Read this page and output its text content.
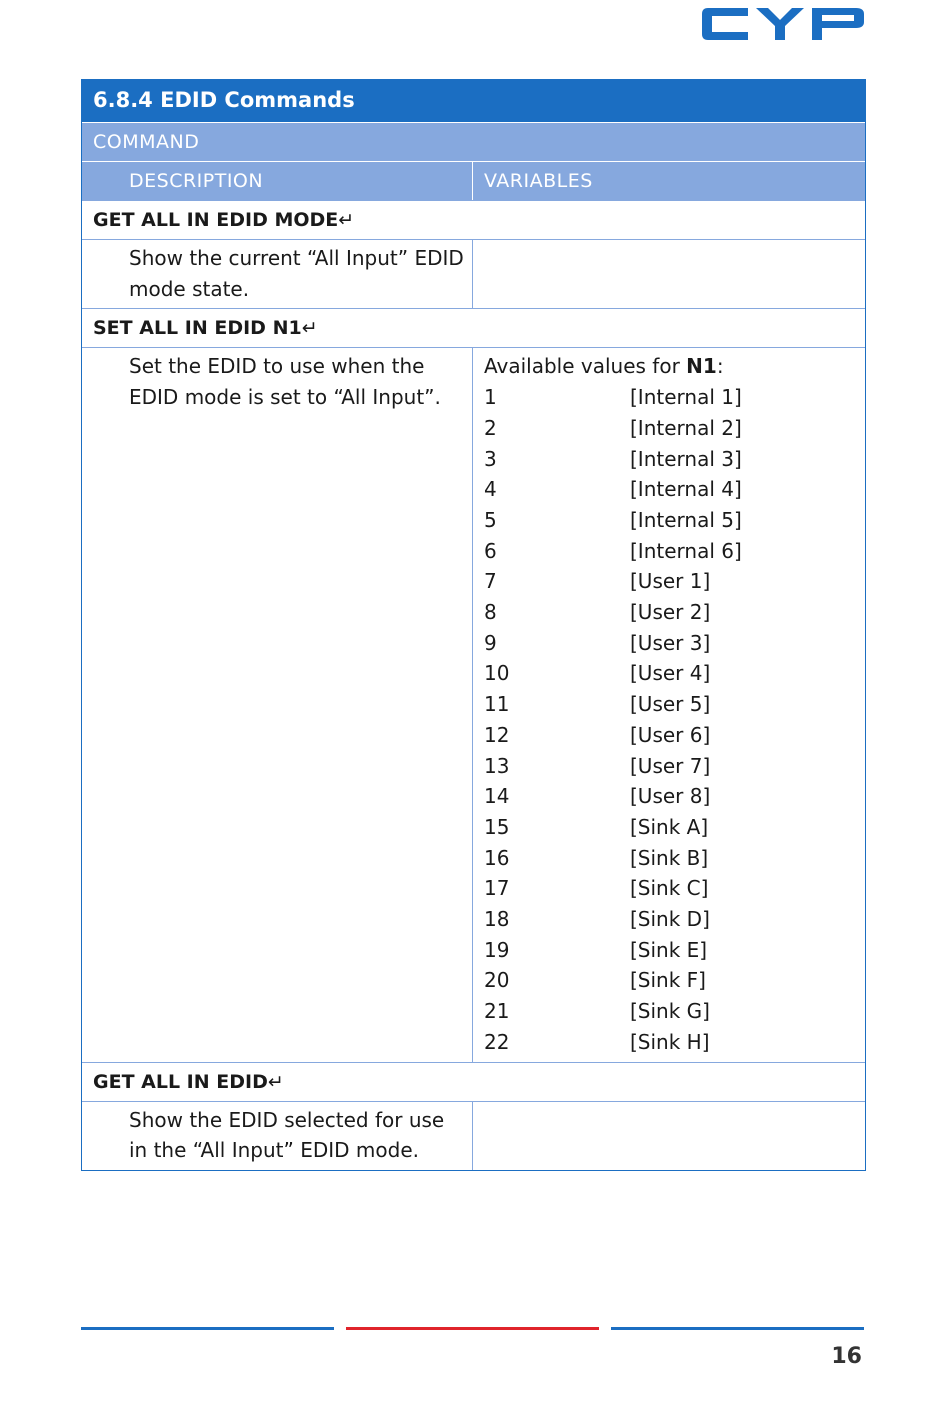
6.8.4 EDID Commands
COMMAND
DESCRIPTION	VARIABLES
GET ALL IN EDID MODE↵
Show the current “All Input” EDID mode state.
SET ALL IN EDID N1↵
Set the EDID to use when the EDID mode is set to “All Input”.
Available values for N1:
1	[Internal 1]
2	[Internal 2]
3	[Internal 3]
4	[Internal 4]
5	[Internal 5]
6	[Internal 6]
7	[User 1]
8	[User 2]
9	[User 3]
10	[User 4]
11	[User 5]
12	[User 6]
13	[User 7]
14	[User 8]
15	[Sink A]
16	[Sink B]
17	[Sink C]
18	[Sink D]
19	[Sink E]
20	[Sink F]
21	[Sink G]
22	[Sink H]
GET ALL IN EDID↵
Show the EDID selected for use in the “All Input” EDID mode.
16
